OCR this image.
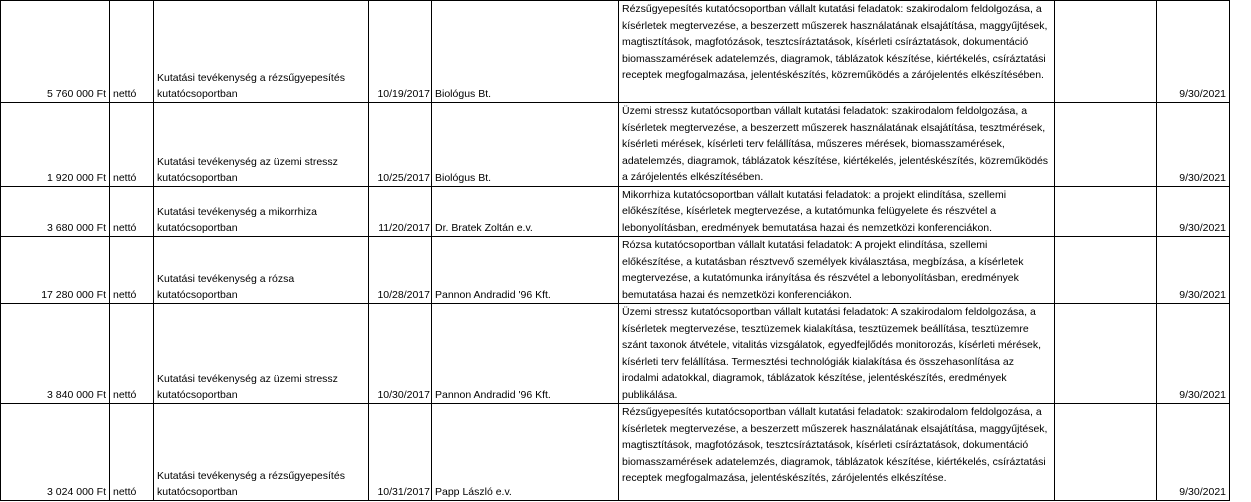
5 760 000 Ft	nettó	Kutatási tevékenység a rézsűgyepesítés kutatócsoportban	10/19/2017	Biológus Bt.	Rézsűgyepesítés kutatócsoportban vállalt kutatási feladatok: szakirodalom feldolgozása, a kísérletek megtervezése, a beszerzett műszerek használatának elsajátítása, maggyűjtések, magtisztítások, magfotózások, tesztcsíráztatások, kísérleti csíráztatások, dokumentáció biomasszamérések adatelemzés, diagramok, táblázatok készítése, kiértékelés, csíráztatási receptek megfogalmazása, jelentéskészítés, közreműködés a zárójelentés elkészítésében.		9/30/2021
1 920 000 Ft	nettó	Kutatási tevékenység az üzemi stressz kutatócsoportban	10/25/2017	Biológus Bt.	Üzemi stressz kutatócsoportban vállalt kutatási feladatok: szakirodalom feldolgozása, a kísérletek megtervezése, a beszerzett műszerek használatának elsajátítása, tesztmérések, kísérleti mérések, kísérleti terv felállítása, műszeres mérések, biomasszamérések, adatelemzés, diagramok, táblázatok készítése, kiértékelés, jelentéskészítés, közreműködés a zárójelentés elkészítésében.		9/30/2021
3 680 000 Ft	nettó	Kutatási tevékenység a mikorrhiza kutatócsoportban	11/20/2017	Dr. Bratek Zoltán e.v.	Mikorrhiza kutatócsoportban vállalt kutatási feladatok: a projekt elindítása, szellemi előkészítése, kísérletek megtervezése, a kutatómunka felügyelete és részvétel a lebonyolításban, eredmények bemutatása hazai és nemzetközi konferenciákon.		9/30/2021
17 280 000 Ft	nettó	Kutatási tevékenység a rózsa kutatócsoportban	10/28/2017	Pannon Andradid '96 Kft.	Rózsa kutatócsoportban vállalt kutatási feladatok: A projekt elindítása, szellemi előkészítése, a kutatásban résztvevő személyek kiválasztása, megbízása, a kísérletek megtervezése, a kutatómunka irányítása és részvétel a lebonyolításban, eredmények bemutatása hazai és nemzetközi konferenciákon.		9/30/2021
3 840 000 Ft	nettó	Kutatási tevékenység az üzemi stressz kutatócsoportban	10/30/2017	Pannon Andradid '96 Kft.	Üzemi stressz kutatócsoportban vállalt kutatási feladatok: A szakirodalom feldolgozása, a kísérletek megtervezése, tesztüzemek kialakítása, tesztüzemek beállítása, tesztüzemre szánt taxonok átvétele, vitalitás vizsgálatok, egyedfejlődés monitorozás, kísérleti mérések, kísérleti terv felállítása. Termesztési technológiák kialakítása és összehasonlítása az irodalmi adatokkal, diagramok, táblázatok készítése, jelentéskészítés, eredmények publikálása.		9/30/2021
3 024 000 Ft	nettó	Kutatási tevékenység a rézsűgyepesítés kutatócsoportban	10/31/2017	Papp László e.v.	Rézsűgyepesítés kutatócsoportban vállalt kutatási feladatok: szakirodalom feldolgozása, a kísérletek megtervezése, a beszerzett műszerek használatának elsajátítása, maggyűjtések, magtisztítások, magfotózások, tesztcsíráztatások, kísérleti csíráztatások, dokumentáció biomasszamérések adatelemzés, diagramok, táblázatok készítése, kiértékelés, csíráztatási receptek megfogalmazása, jelentéskészítés, zárójelentés elkészítése.		9/30/2021
